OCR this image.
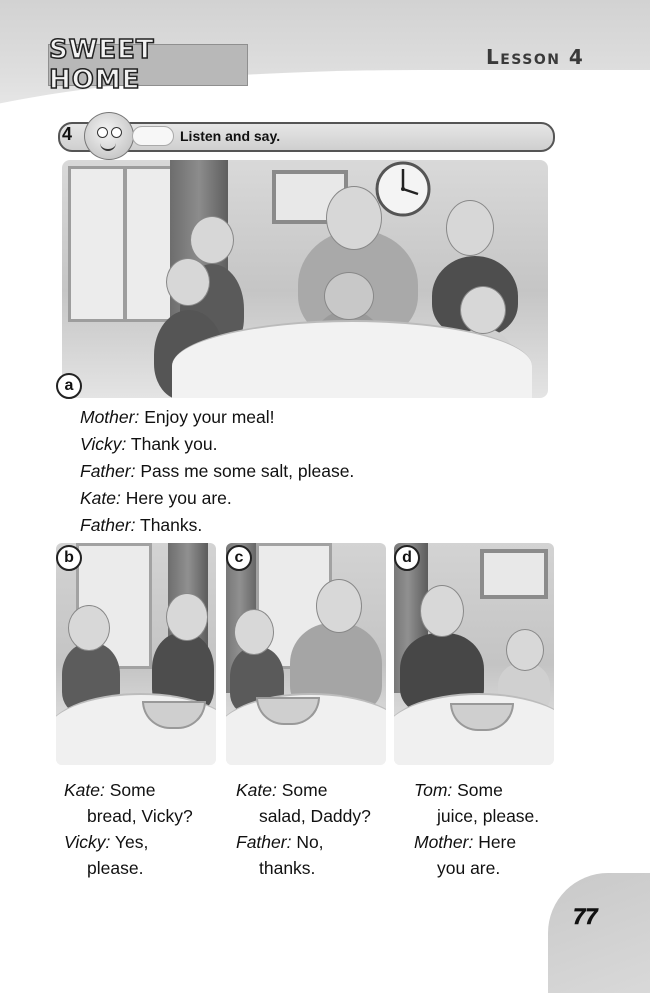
SWEET HOME
Lesson 4
4	Listen and say.
a
Mother: Enjoy your meal!
Vicky: Thank you.
Father: Pass me some salt, please.
Kate: Here you are.
Father: Thanks.
b	c	d
Kate: Some
bread, Vicky?
Vicky: Yes,
please.
Kate: Some
salad, Daddy?
Father: No,
thanks.
Tom: Some
juice, please.
Mother: Here
you are.
77
